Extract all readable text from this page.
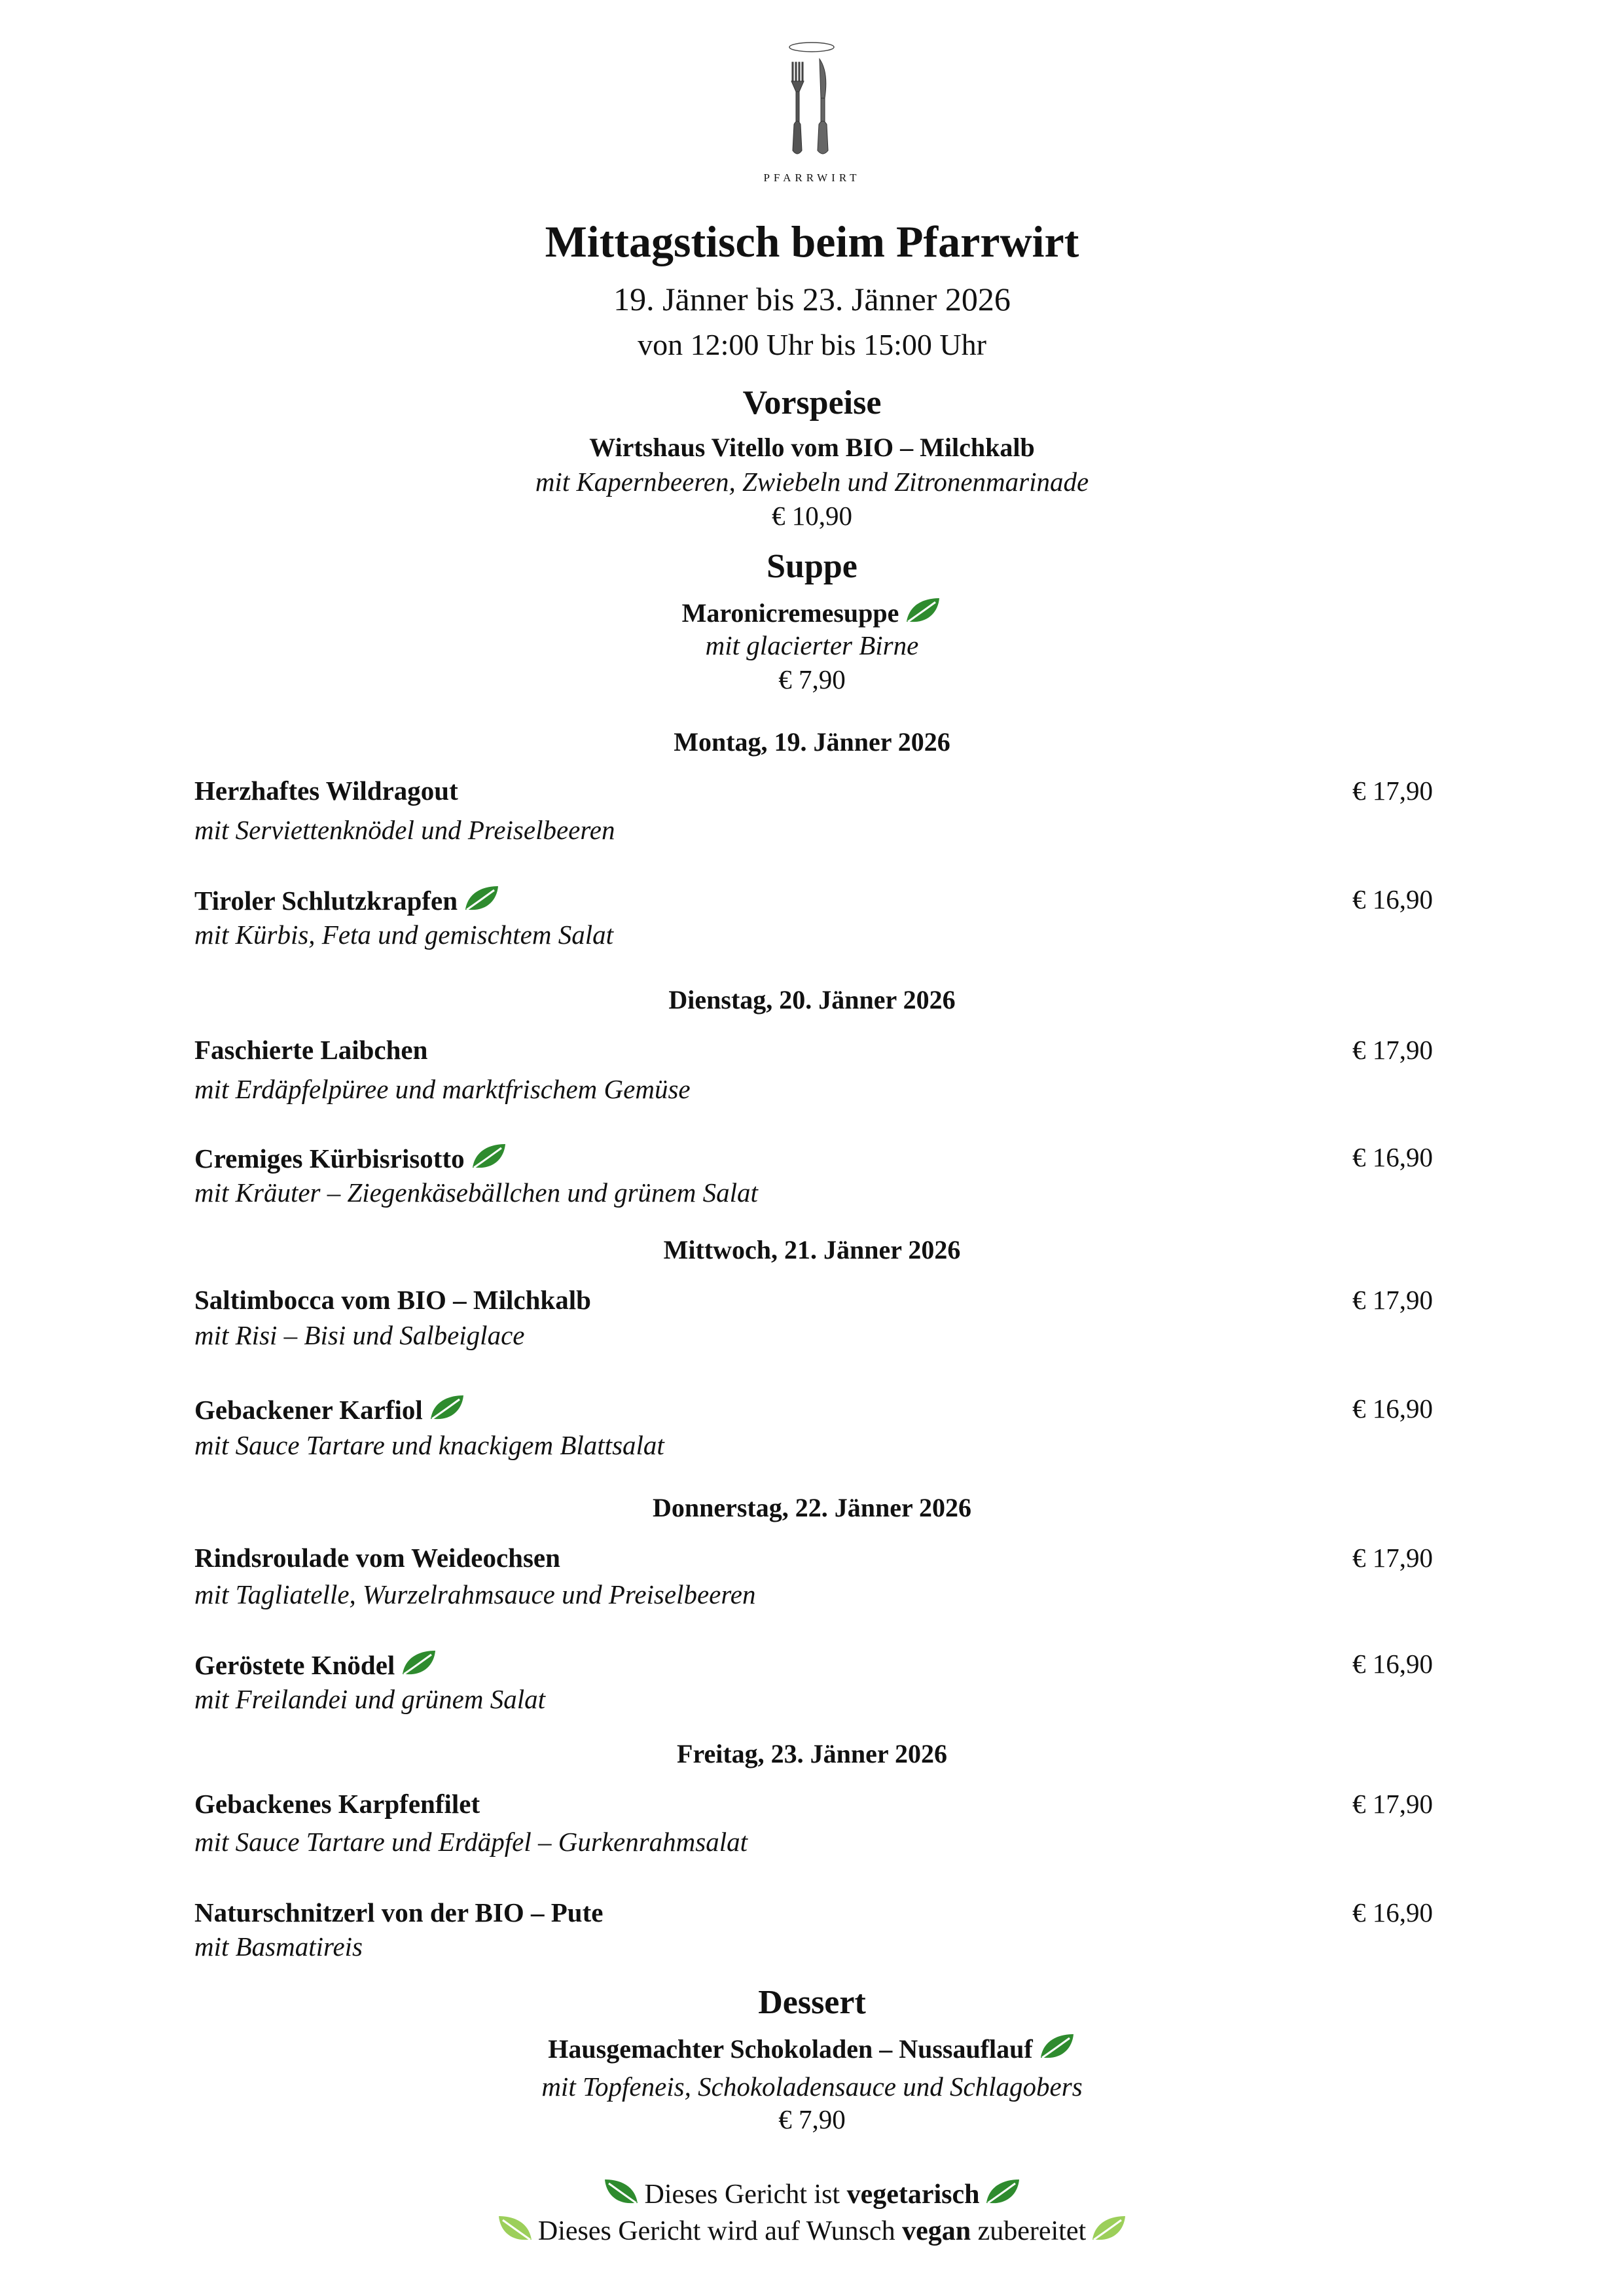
PFARRWIRT
Mittagstisch beim Pfarrwirt
19. Jänner bis 23. Jänner 2026
von 12:00 Uhr bis 15:00 Uhr
Vorspeise
Wirtshaus Vitello vom BIO – Milchkalb
mit Kapernbeeren, Zwiebeln und Zitronenmarinade
€ 10,90
Suppe
Maronicremesuppe
mit glacierter Birne
€ 7,90
Montag, 19. Jänner 2026
Herzhaftes Wildragout	€ 17,90
mit Serviettenknödel und Preiselbeeren
Tiroler Schlutzkrapfen	€ 16,90
mit Kürbis, Feta und gemischtem Salat
Dienstag, 20. Jänner 2026
Faschierte Laibchen	€ 17,90
mit Erdäpfelpüree und marktfrischem Gemüse
Cremiges Kürbisrisotto	€ 16,90
mit Kräuter – Ziegenkäsebällchen und grünem Salat
Mittwoch, 21. Jänner 2026
Saltimbocca vom BIO – Milchkalb	€ 17,90
mit Risi – Bisi und Salbeiglace
Gebackener Karfiol	€ 16,90
mit Sauce Tartare und knackigem Blattsalat
Donnerstag, 22. Jänner 2026
Rindsroulade vom Weideochsen	€ 17,90
mit Tagliatelle, Wurzelrahmsauce und Preiselbeeren
Geröstete Knödel	€ 16,90
mit Freilandei und grünem Salat
Freitag, 23. Jänner 2026
Gebackenes Karpfenfilet	€ 17,90
mit Sauce Tartare und Erdäpfel – Gurkenrahmsalat
Naturschnitzerl von der BIO – Pute	€ 16,90
mit Basmatireis
Dessert
Hausgemachter Schokoladen – Nussauflauf
mit Topfeneis, Schokoladensauce und Schlagobers
€ 7,90
Dieses Gericht ist vegetarisch
Dieses Gericht wird auf Wunsch vegan zubereitet
